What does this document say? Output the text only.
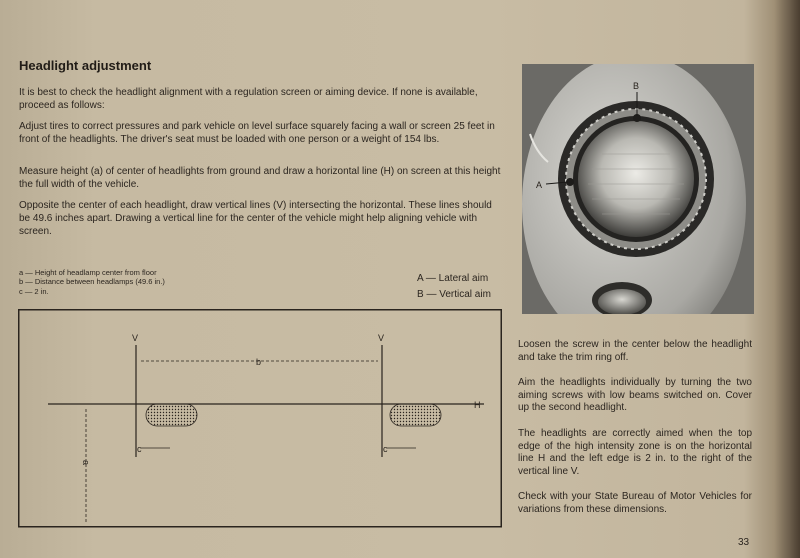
Headlight adjustment

It is best to check the headlight alignment with a regulation screen or aiming device. If none is available, proceed as follows:

Adjust tires to correct pressures and park vehicle on level surface squarely facing a wall or screen 25 feet in front of the headlights. The driver's seat must be loaded with one person or a weight of 154 lbs.

Measure height (a) of center of headlights from ground and draw a horizontal line (H) on screen at this height the full width of the vehicle.

Opposite the center of each headlight, draw vertical lines (V) intersecting the horizontal. These lines should be 49.6 inches apart. Drawing a vertical line for the center of the vehicle might help aligning vehicle with screen.

a — Height of headlamp center from floor
b — Distance between headlamps (49.6 in.)
c — 2 in.
A — Lateral aim
B — Vertical aim
B
A
V	V
b
H
a
c	c

Loosen the screw in the center below the headlight and take the trim ring off.

Aim the headlights individually by turning the two aiming screws with low beams switched on. Cover up the second headlight.

The headlights are correctly aimed when the top edge of the high intensity zone is on the horizontal line H and the left edge is 2 in. to the right of the vertical line V.

Check with your State Bureau of Motor Vehicles for variations from these dimensions.

33
